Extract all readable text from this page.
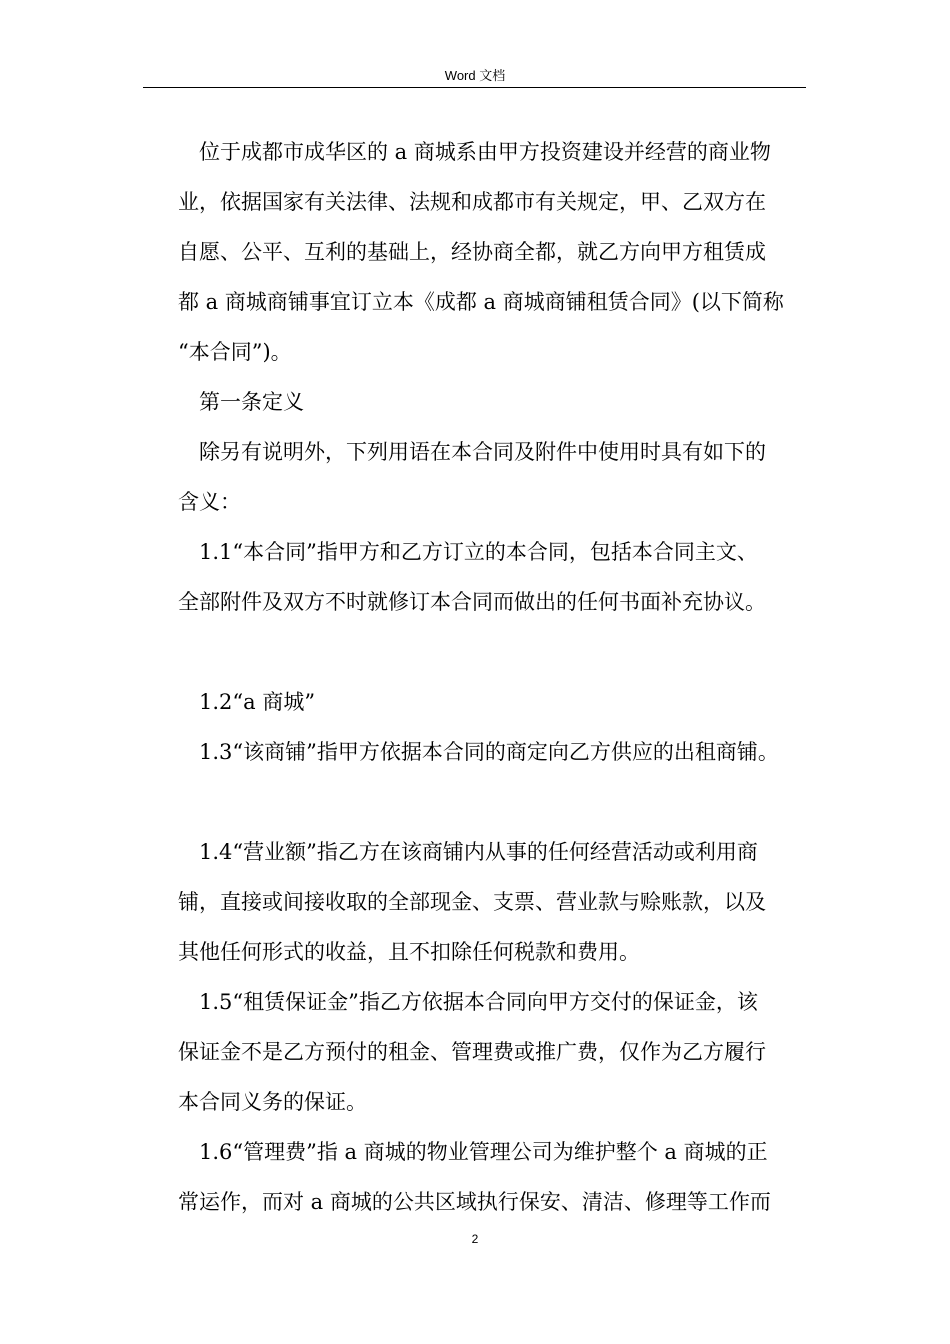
Word 文档

位于成都市成华区的 a 商城系由甲方投资建设并经营的商业物
业，依据国家有关法律、法规和成都市有关规定，甲、乙双方在
自愿、公平、互利的基础上，经协商全都，就乙方向甲方租赁成
都 a 商城商铺事宜订立本《成都 a 商城商铺租赁合同》(以下简称
“本合同”)。

第一条定义

除另有说明外，下列用语在本合同及附件中使用时具有如下的
含义：

1.1“本合同”指甲方和乙方订立的本合同，包括本合同主文、
全部附件及双方不时就修订本合同而做出的任何书面补充协议。

1.2“a 商城”

1.3“该商铺”指甲方依据本合同的商定向乙方供应的出租商铺。

1.4“营业额”指乙方在该商铺内从事的任何经营活动或利用商
铺，直接或间接收取的全部现金、支票、营业款与赊账款，以及
其他任何形式的收益，且不扣除任何税款和费用。

1.5“租赁保证金”指乙方依据本合同向甲方交付的保证金，该
保证金不是乙方预付的租金、管理费或推广费，仅作为乙方履行
本合同义务的保证。

1.6“管理费”指 a 商城的物业管理公司为维护整个 a 商城的正
常运作，而对 a 商城的公共区域执行保安、清洁、修理等工作而

2
